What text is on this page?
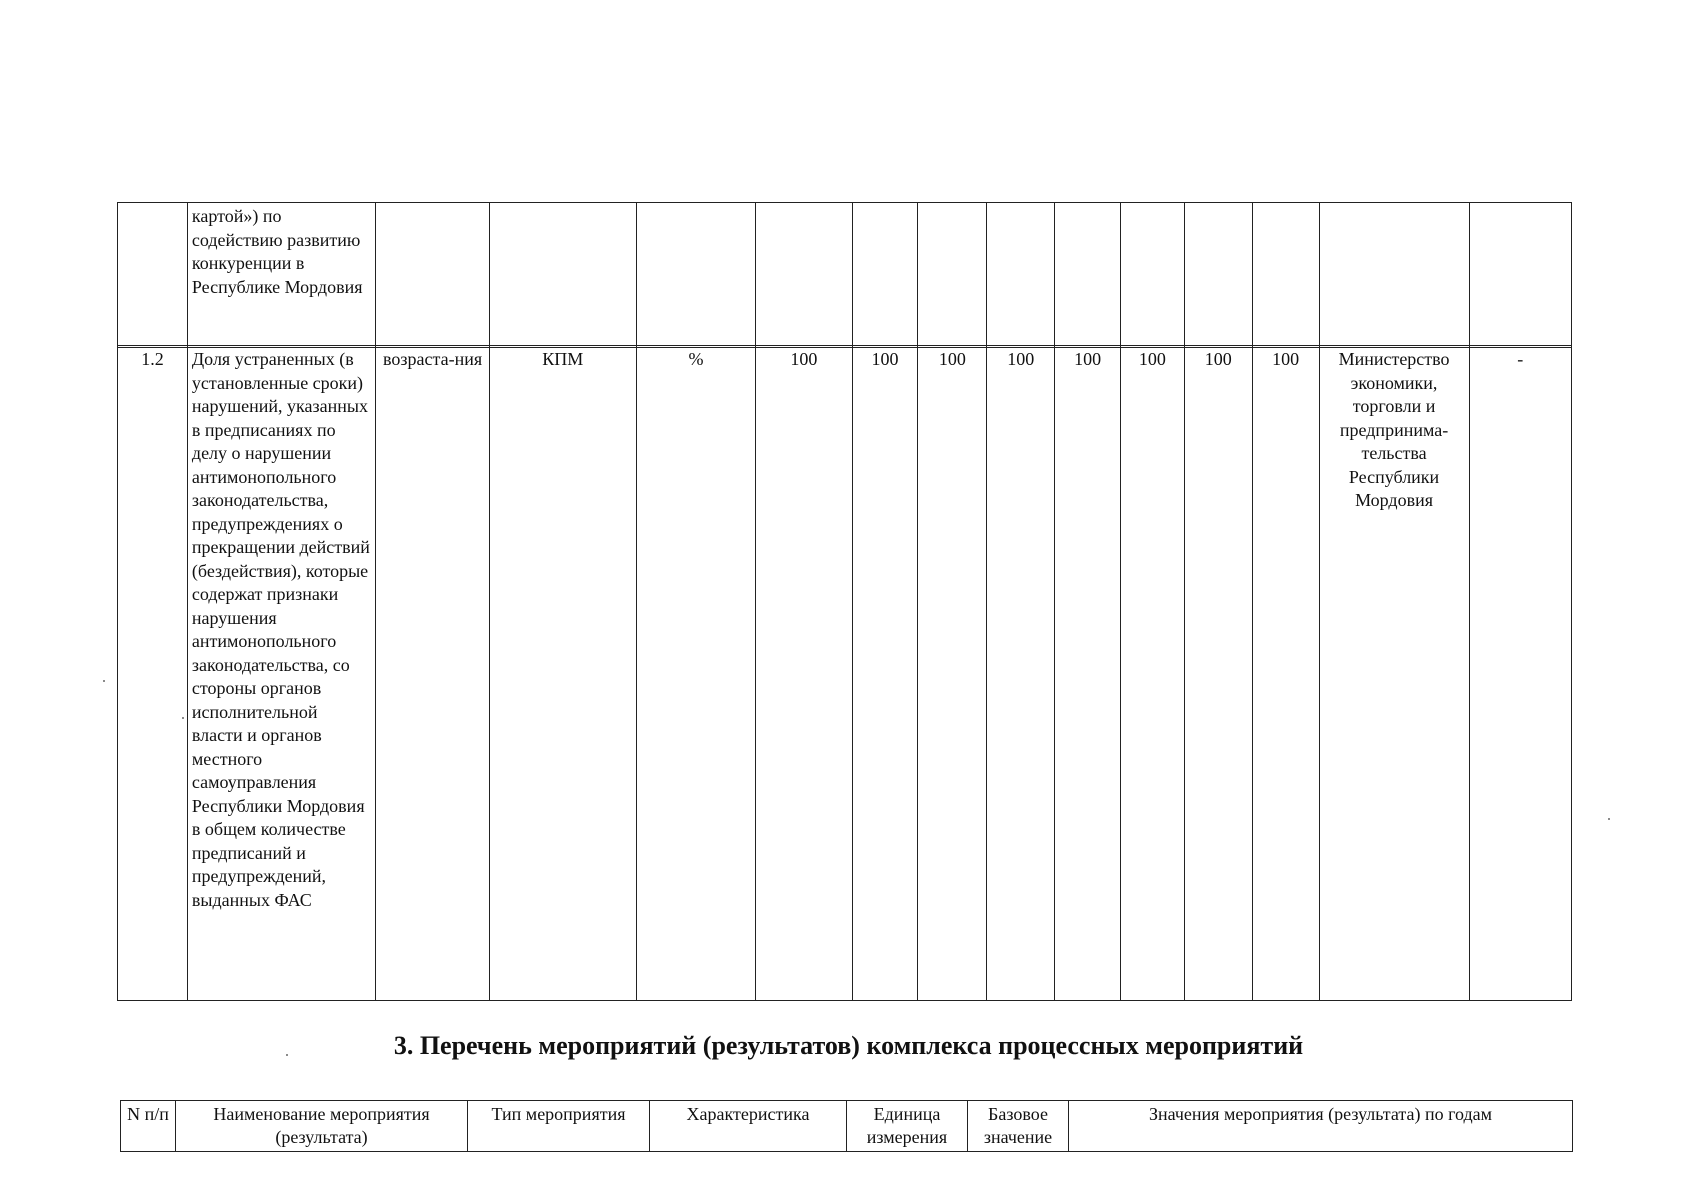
	картой») по содействию развитию конкуренции в Республике Мордовия													
1.2	Доля устраненных (в установленные сроки) нарушений, указанных в предписаниях по делу о нарушении антимонопольного законодательства, предупреждениях о прекращении действий (бездействия), которые содержат признаки нарушения антимонопольного законодательства, со стороны органов исполнительной власти и органов местного самоуправления Республики Мордовия в общем количестве предписаний и предупреждений, выданных ФАС	возраста-ния	КПМ	%	100	100	100	100	100	100	100	100	Министерство экономики, торговли и предпринима-тельства Республики Мордовия	-
3. Перечень мероприятий (результатов) комплекса процессных мероприятий
N п/п	Наименование мероприятия (результата)	Тип мероприятия	Характеристика	Единица измерения	Базовое значение	Значения мероприятия (результата) по годам
